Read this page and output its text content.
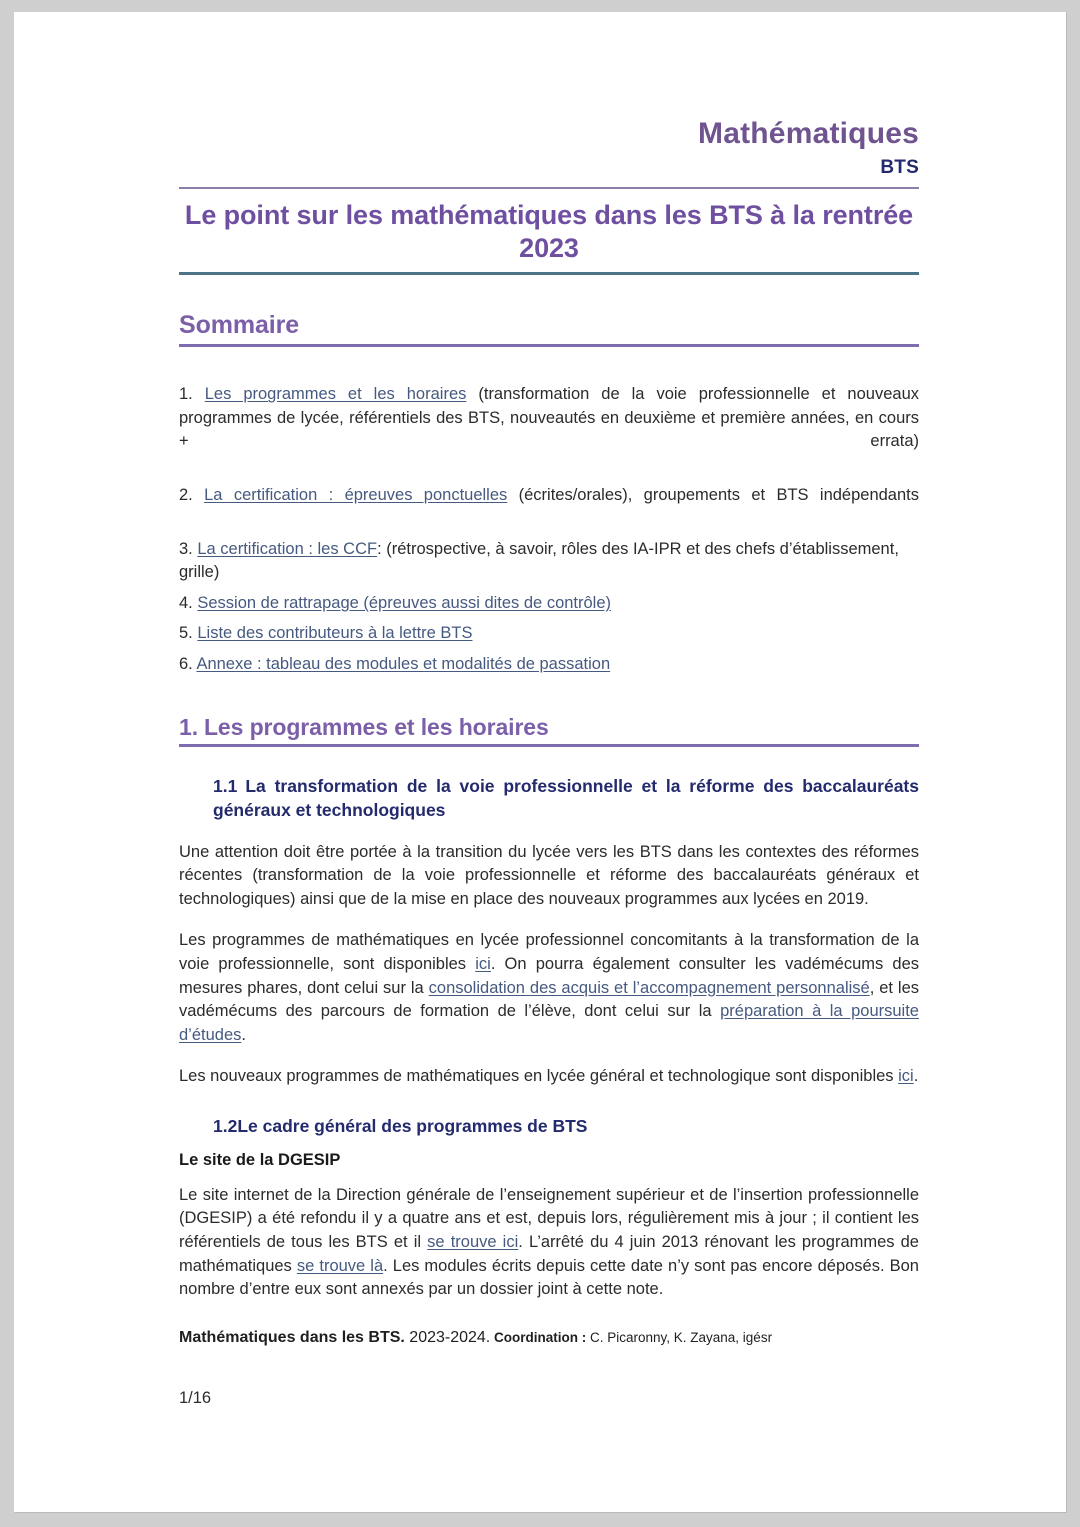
Mathématiques
BTS
Le point sur les mathématiques dans les BTS à la rentrée 2023
Sommaire

1. Les programmes et les horaires (transformation de la voie professionnelle et nouveaux programmes de lycée, référentiels des BTS, nouveautés en deuxième et première années, en cours + errata)

2. La certification : épreuves ponctuelles (écrites/orales), groupements et BTS indépendants

3. La certification : les CCF: (rétrospective, à savoir, rôles des IA-IPR et des chefs d’établissement, grille)

4. Session de rattrapage (épreuves aussi dites de contrôle)

5. Liste des contributeurs à la lettre BTS

6. Annexe : tableau des modules et modalités de passation

1. Les programmes et les horaires
1.1 La transformation de la voie professionnelle et la réforme des baccalauréats généraux et technologiques

Une attention doit être portée à la transition du lycée vers les BTS dans les contextes des réformes récentes (transformation de la voie professionnelle et réforme des baccalauréats généraux et technologiques) ainsi que de la mise en place des nouveaux programmes aux lycées en 2019.

Les programmes de mathématiques en lycée professionnel concomitants à la transformation de la voie professionnelle, sont disponibles ici. On pourra également consulter les vadémécums des mesures phares, dont celui sur la consolidation des acquis et l’accompagnement personnalisé, et les vadémécums des parcours de formation de l’élève, dont celui sur la préparation à la poursuite d’études.

Les nouveaux programmes de mathématiques en lycée général et technologique sont disponibles ici.

1.2Le cadre général des programmes de BTS
Le site de la DGESIP

Le site internet de la Direction générale de l’enseignement supérieur et de l’insertion professionnelle (DGESIP) a été refondu il y a quatre ans et est, depuis lors, régulièrement mis à jour ; il contient les référentiels de tous les BTS et il se trouve ici. L’arrêté du 4 juin 2013 rénovant les programmes de mathématiques se trouve là. Les modules écrits depuis cette date n’y sont pas encore déposés. Bon nombre d’entre eux sont annexés par un dossier joint à cette note.

Mathématiques dans les BTS. 2023-2024. Coordination : C. Picaronny, K. Zayana, igésr

1/16
